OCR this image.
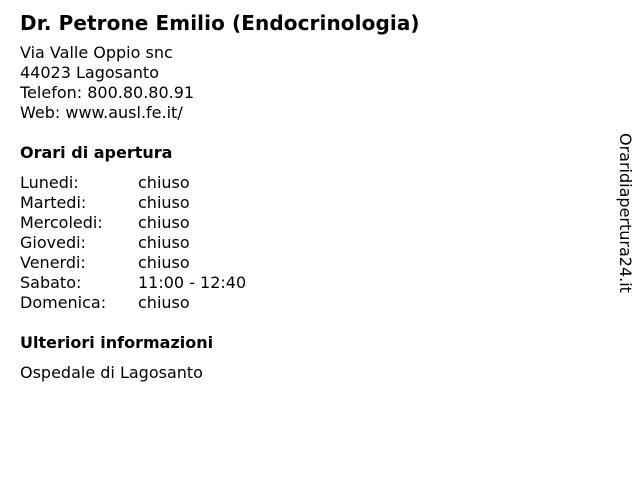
Dr. Petrone Emilio (Endocrinologia)
Via Valle Oppio snc
44023 Lagosanto
Telefon: 800.80.80.91
Web: www.ausl.fe.it/
Orari di apertura
Lunedi:	chiuso
Martedi:	chiuso
Mercoledi:	chiuso
Giovedi:	chiuso
Venerdi:	chiuso
Sabato:	11:00 - 12:40
Domenica:	chiuso
Ulteriori informazioni
Ospedale di Lagosanto
Oraridiapertura24.it
